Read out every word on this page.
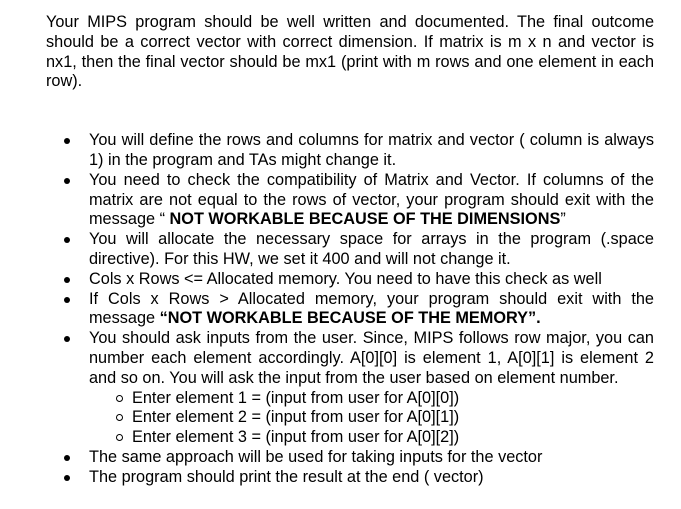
Your MIPS program should be well written and documented. The final outcome should be a correct vector with correct dimension. If matrix is m x n and vector is nx1, then the final vector should be mx1 (print with m rows and one element in each row).

You will define the rows and columns for matrix and vector ( column is always 1) in the program and TAs might change it.
You need to check the compatibility of Matrix and Vector. If columns of the matrix are not equal to the rows of vector, your program should exit with the message “ NOT WORKABLE BECAUSE OF THE DIMENSIONS”
You will allocate the necessary space for arrays in the program (.space directive). For this HW, we set it 400 and will not change it.
Cols x Rows <= Allocated memory. You need to have this check as well
If Cols x Rows > Allocated memory, your program should exit with the message “NOT WORKABLE BECAUSE OF THE MEMORY”.
You should ask inputs from the user. Since, MIPS follows row major, you can number each element accordingly. A[0][0] is element 1, A[0][1] is element 2 and so on. You will ask the input from the user based on element number.
Enter element 1 = (input from user for A[0][0])
Enter element 2 = (input from user for A[0][1])
Enter element 3 = (input from user for A[0][2])
The same approach will be used for taking inputs for the vector
The program should print the result at the end ( vector)
